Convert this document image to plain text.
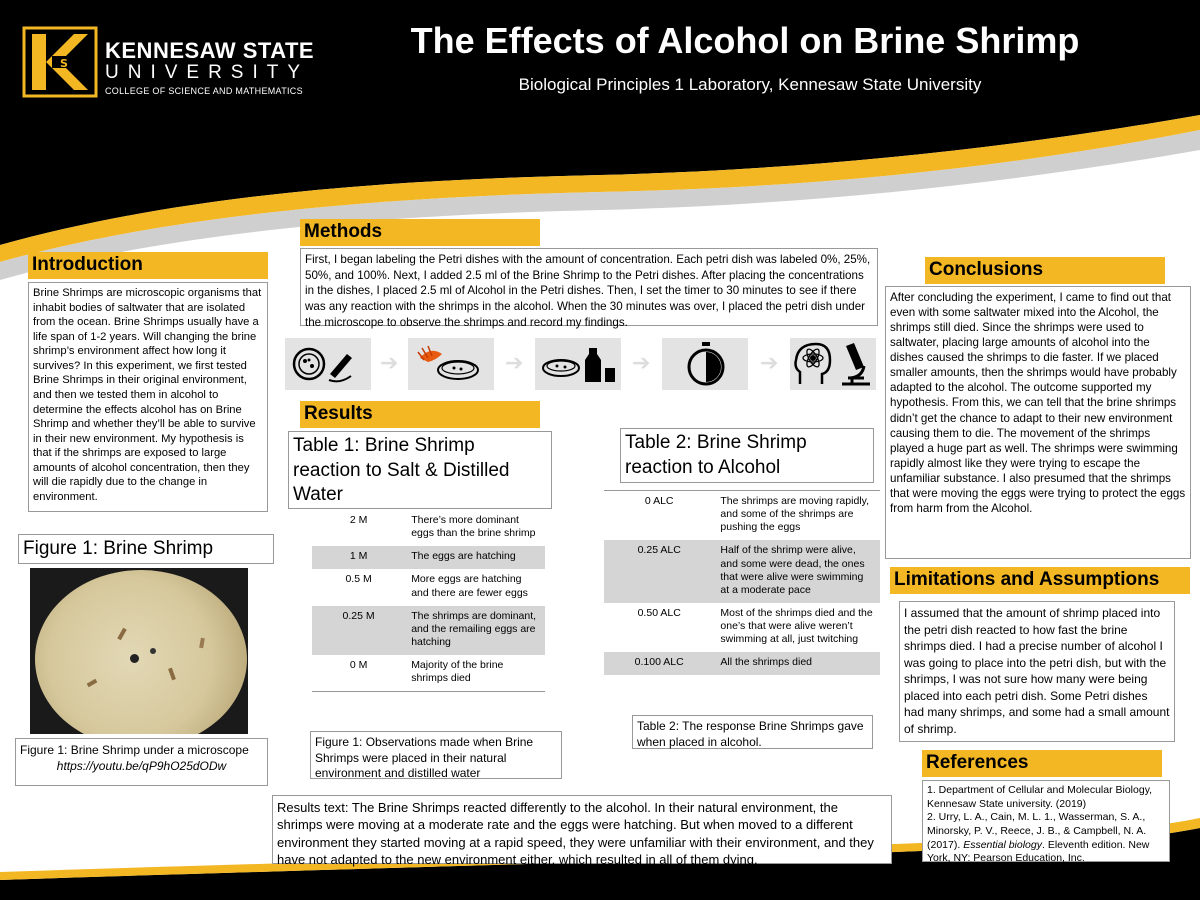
S
KENNESAW STATE
UNIVERSITY
COLLEGE OF SCIENCE AND MATHEMATICS
The Effects of Alcohol on Brine Shrimp
Biological Principles 1 Laboratory, Kennesaw State University
Introduction
Brine Shrimps are microscopic organisms that inhabit bodies of saltwater that are isolated from the ocean. Brine Shrimps usually have a life span of 1-2 years. Will changing the brine shrimp’s environment affect how long it survives? In this experiment, we first tested Brine Shrimps in their original environment, and then we tested them in alcohol to determine the effects alcohol has on Brine Shrimp and whether they’ll be able to survive in their new environment. My hypothesis is that if the shrimps are exposed to large amounts of alcohol concentration, then they will die rapidly due to the change in environment.
Figure 1: Brine Shrimp
Figure 1: Brine Shrimp under a microscope
https://youtu.be/qP9hO25dODw
Methods
First, I began labeling the Petri dishes with the amount of concentration. Each petri dish was labeled 0%, 25%, 50%, and 100%. Next, I added 2.5 ml of the Brine Shrimp to the Petri dishes. After placing the concentrations in the dishes, I placed 2.5 ml of Alcohol in the Petri dishes. Then, I set the timer to 30 minutes to see if there was any reaction with the shrimps in the alcohol. When the 30 minutes was over, I placed the petri dish under the microscope to observe the shrimps and record my findings.
➔	➔	➔	➔
Results
Table 1: Brine Shrimp reaction to Salt & Distilled Water
2 M	There’s more dominant eggs than the brine shrimp
1 M	The eggs are hatching
0.5 M	More eggs are hatching and there are fewer eggs
0.25 M	The shrimps are dominant, and the remailing eggs are hatching
0 M	Majority of the brine shrimps died
Figure 1: Observations made when Brine Shrimps were placed in their natural environment and distilled water
Table 2: Brine Shrimp reaction to Alcohol
0 ALC	The shrimps are moving rapidly, and some of the shrimps are pushing the eggs
0.25 ALC	Half of the shrimp were alive, and some were dead, the ones that were alive were swimming at a moderate pace
0.50 ALC	Most of the shrimps died and the one’s that were alive weren’t swimming at all, just twitching
0.100 ALC	All the shrimps died
Table 2: The response Brine Shrimps gave when placed in alcohol.
Results text: The Brine Shrimps reacted differently to the alcohol. In their natural environment, the shrimps were moving at a moderate rate and the eggs were hatching. But when moved to a different environment they started moving at a rapid speed, they were unfamiliar with their environment, and they have not adapted to the new environment either, which resulted in all of them dying.
Conclusions
After concluding the experiment, I came to find out that even with some saltwater mixed into the Alcohol, the shrimps still died. Since the shrimps were used to saltwater, placing large amounts of alcohol into the dishes caused the shrimps to die faster. If we placed smaller amounts, then the shrimps would have probably adapted to the alcohol. The outcome supported my hypothesis. From this, we can tell that the brine shrimps didn’t get the chance to adapt to their new environment causing them to die. The movement of the shrimps played a huge part as well. The shrimps were swimming rapidly almost like they were trying to escape the unfamiliar substance. I also presumed that the shrimps that were moving the eggs were trying to protect the eggs from harm from the Alcohol.
Limitations and Assumptions
I assumed that the amount of shrimp placed into the petri dish reacted to how fast the brine shrimps died. I had a precise number of alcohol I was going to place into the petri dish, but with the shrimps, I was not sure how many were being placed into each petri dish. Some Petri dishes had many shrimps, and some had a small amount of shrimp.
References
1. Department of Cellular and Molecular Biology, Kennesaw State university. (2019)
2. Urry, L. A., Cain, M. L. 1., Wasserman, S. A., Minorsky, P. V., Reece, J. B., & Campbell, N. A. (2017). Essential biology. Eleventh edition. New York, NY: Pearson Education, Inc.
